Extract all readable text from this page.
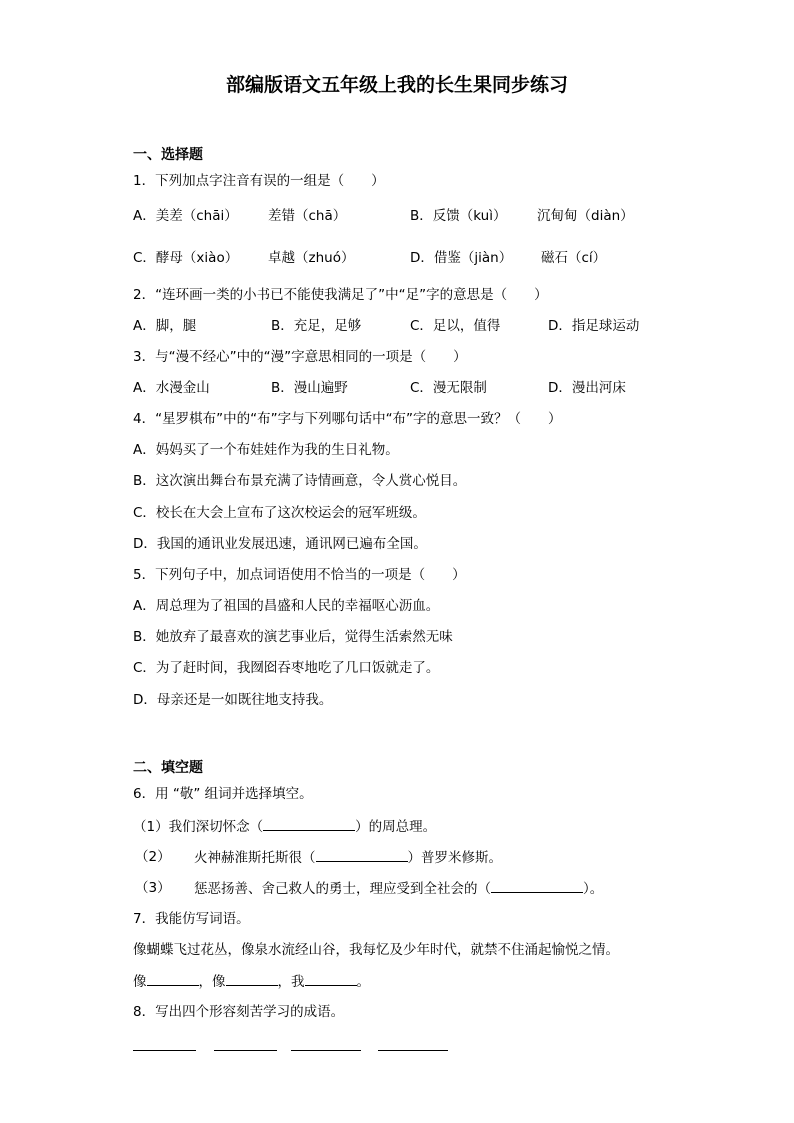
部编版语文五年级上我的长生果同步练习
一、选择题
1．下列加点字注音有误的一组是（　　）
A．美差（chāi） 差错（chā）	B．反馈（kuì） 沉甸甸（diàn）
C．酵母（xiào） 卓越（zhuó）	D．借鉴（jiàn） 磁石（cí）
2．“连环画一类的小书已不能使我满足了”中“足”字的意思是（　　）
A．脚，腿	B．充足，足够	C．足以，值得	D．指足球运动
3．与“漫不经心”中的“漫”字意思相同的一项是（　　）
A．水漫金山	B．漫山遍野	C．漫无限制	D．漫出河床
4．“星罗棋布”中的“布”字与下列哪句话中“布”字的意思一致？（　　）
A．妈妈买了一个布娃娃作为我的生日礼物。
B．这次演出舞台布景充满了诗情画意，令人赏心悦目。
C．校长在大会上宣布了这次校运会的冠军班级。
D．我国的通讯业发展迅速，通讯网已遍布全国。
5．下列句子中，加点词语使用不恰当的一项是（　　）
A．周总理为了祖国的昌盛和人民的幸福呕心沥血。
B．她放弃了最喜欢的演艺事业后，觉得生活索然无味
C．为了赶时间，我囫囵吞枣地吃了几口饭就走了。
D．母亲还是一如既往地支持我。
二、填空题
6．用 “敬” 组词并选择填空。
（1）我们深切怀念（	）的周总理。
（2） 火神赫淮斯托斯很（	）普罗米修斯。
（3） 惩恶扬善、舍己救人的勇士，理应受到全社会的（	）。
7．我能仿写词语。
像蝴蝶飞过花丛，像泉水流经山谷，我每忆及少年时代，就禁不住涌起愉悦之情。
像	，像	，我	。
8．写出四个形容刻苦学习的成语。
